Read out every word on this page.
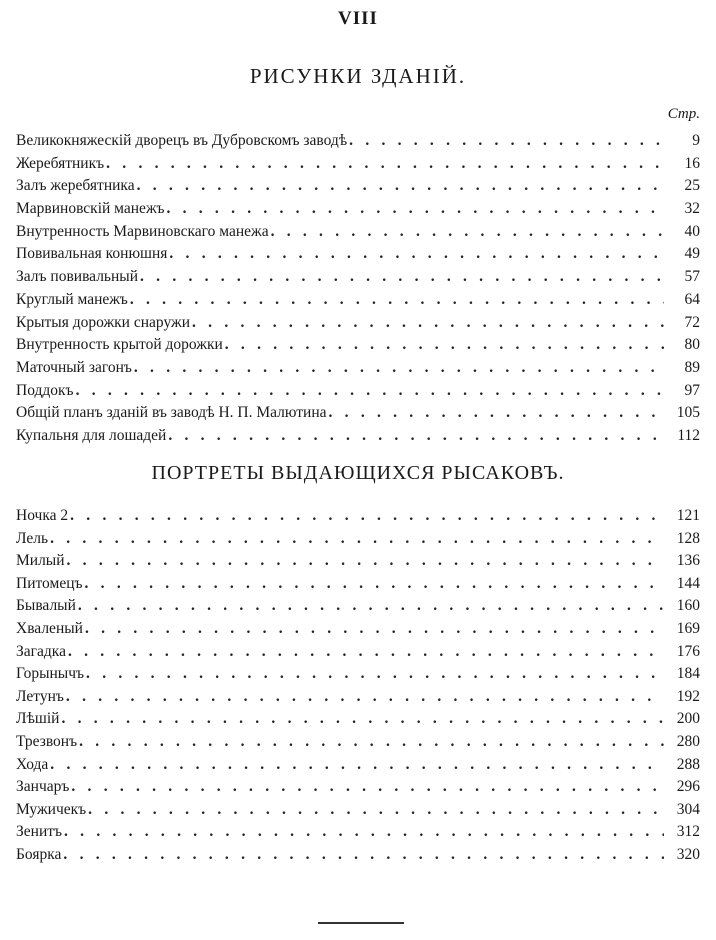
VIII
РИСУНКИ ЗДАНIЙ.
Стр.
Великокняжескiй дворецъ въ Дубровскомъ заводѣ . . .	9
Жеребятникъ . . .	16
Залъ жеребятника . . .	25
Марвиновскiй манежъ . . .	32
Внутренность Марвиновскаго манежа . . .	40
Повивальная конюшня . . .	49
Залъ повивальный . . .	57
Круглый манежъ . . .	64
Крытыя дорожки снаружи . . .	72
Внутренность крытой дорожки . . .	80
Маточный загонъ . . .	89
Поддокъ . . .	97
Общiй планъ зданiй въ заводѣ Н. П. Малютина . . .	105
Купальня для лошадей . . .	112
ПОРТРЕТЫ ВЫДАЮЩИХСЯ РЫСАКОВЪ.
Ночка 2 . . .	121
Лель . . .	128
Милый . . .	136
Питомецъ . . .	144
Бывалый . . .	160
Хваленый . . .	169
Загадка . . .	176
Горынычъ . . .	184
Летунъ . . .	192
Лѣшiй . . .	200
Трезвонъ . . .	280
Хода . . .	288
Занчаръ . . .	296
Мужичекъ . . .	304
Зенитъ . . .	312
Боярка . . .	320
